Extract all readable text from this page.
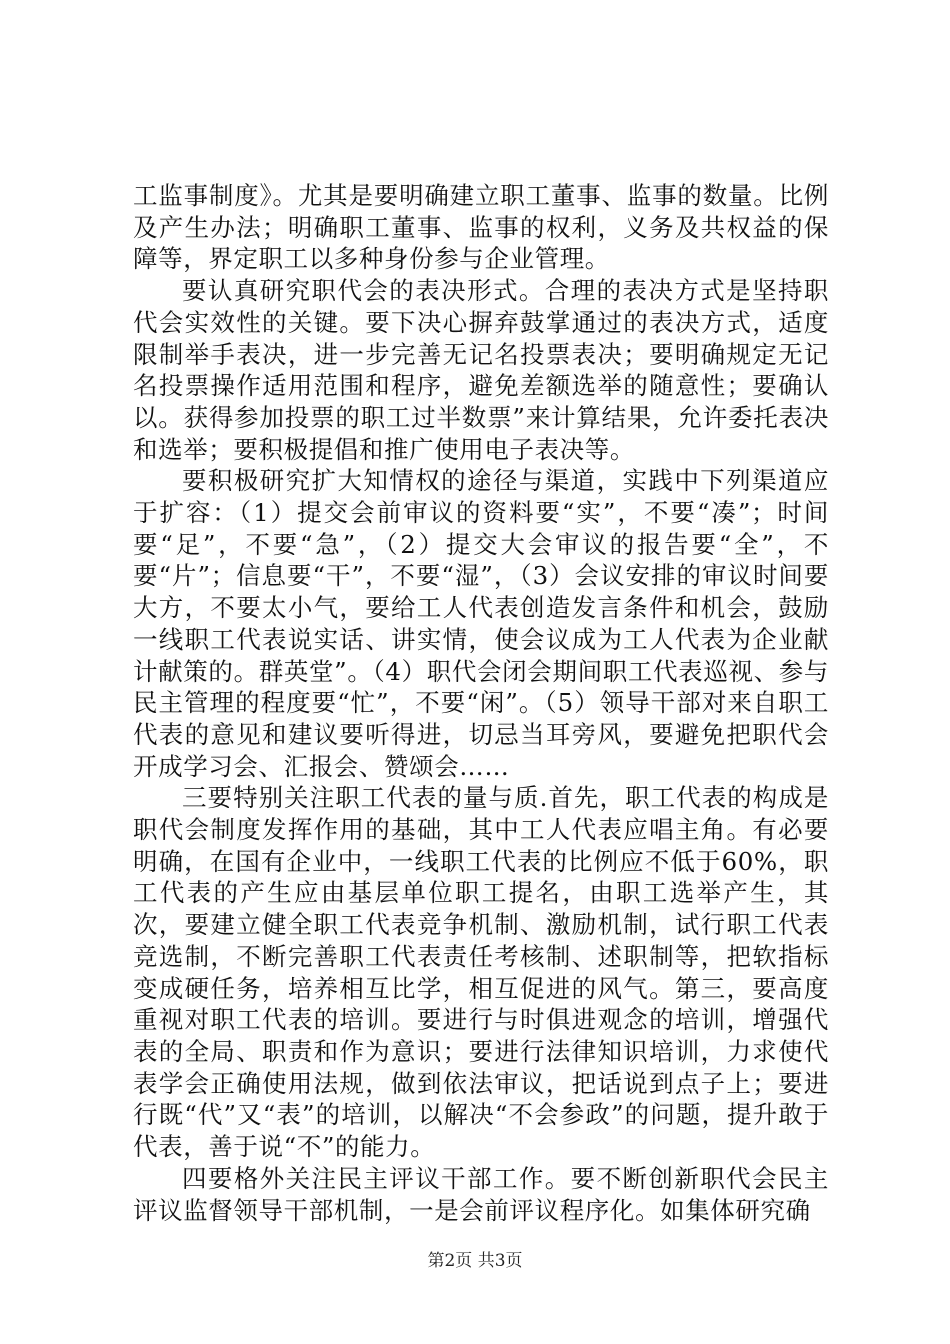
工监事制度》。尤其是要明确建立职工董事、监事的数量。比例及产生办法；明确职工董事、监事的权利，义务及共权益的保障等，界定职工以多种身份参与企业管理。

要认真研究职代会的表决形式。合理的表决方式是坚持职代会实效性的关键。要下决心摒弃鼓掌通过的表决方式，适度限制举手表决，进一步完善无记名投票表决；要明确规定无记名投票操作适用范围和程序，避免差额选举的随意性；要确认以。获得参加投票的职工过半数票”来计算结果，允许委托表决和选举；要积极提倡和推广使用电子表决等。

要积极研究扩大知情权的途径与渠道，实践中下列渠道应于扩容：（1）提交会前审议的资料要“实”，不要“凑”；时间要“足”，不要“急”，（2）提交大会审议的报告要“全”，不要“片”；信息要“干”，不要“湿”，（3）会议安排的审议时间要大方，不要太小气，要给工人代表创造发言条件和机会，鼓励一线职工代表说实话、讲实情，使会议成为工人代表为企业献计献策的。群英堂”。（4）职代会闭会期间职工代表巡视、参与民主管理的程度要“忙”，不要“闲”。（5）领导干部对来自职工代表的意见和建议要听得进，切忌当耳旁风，要避免把职代会开成学习会、汇报会、赞颂会……

三要特别关注职工代表的量与质.首先，职工代表的构成是职代会制度发挥作用的基础，其中工人代表应唱主角。有必要明确，在国有企业中，一线职工代表的比例应不低于60%，职工代表的产生应由基层单位职工提名，由职工选举产生，其次，要建立健全职工代表竞争机制、激励机制，试行职工代表竞选制，不断完善职工代表责任考核制、述职制等，把软指标变成硬任务，培养相互比学，相互促进的风气。第三，要高度重视对职工代表的培训。要进行与时俱进观念的培训，增强代表的全局、职责和作为意识；要进行法律知识培训，力求使代表学会正确使用法规，做到依法审议，把话说到点子上；要进行既“代”又“表”的培训，以解决“不会参政”的问题，提升敢于代表，善于说“不”的能力。

四要格外关注民主评议干部工作。要不断创新职代会民主评议监督领导干部机制，一是会前评议程序化。如集体研究确

第2页 共3页
